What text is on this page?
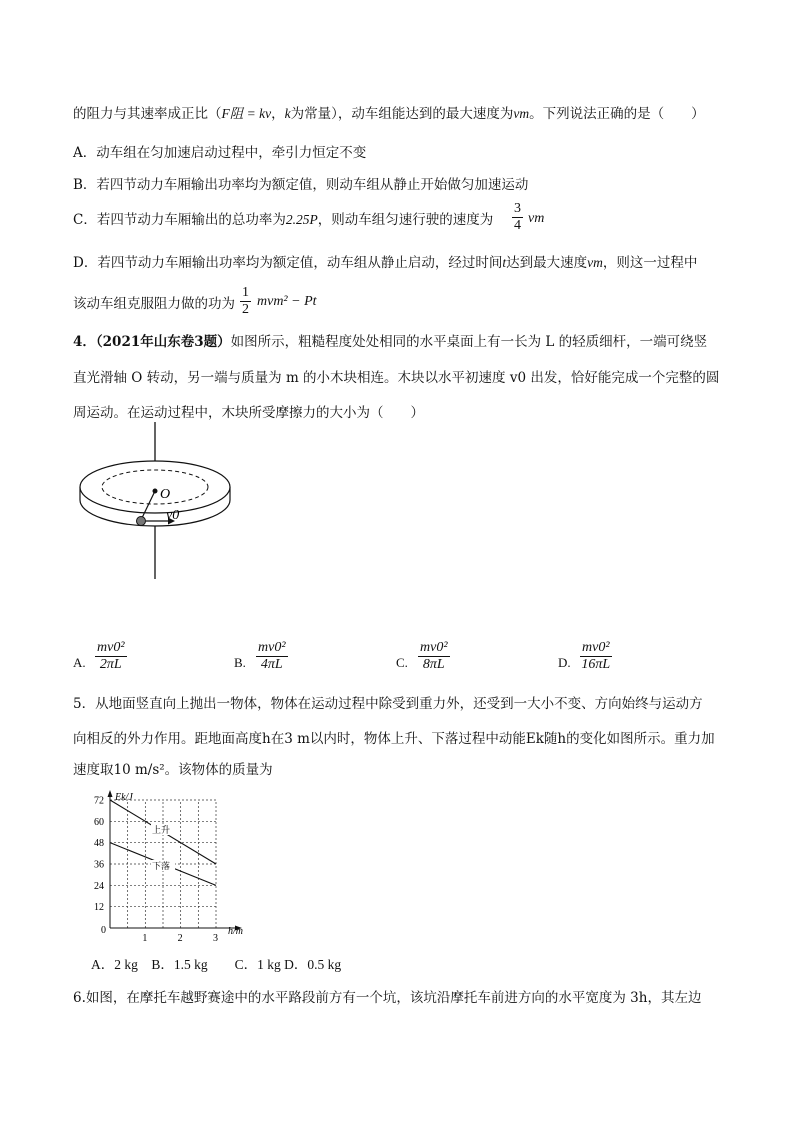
的阻力与其速率成正比（F阻 = kv，k为常量），动车组能达到的最大速度为vm。下列说法正确的是（　　）
A．动车组在匀加速启动过程中，牵引力恒定不变
B．若四节动力车厢输出功率均为额定值，则动车组从静止开始做匀加速运动
C．若四节动力车厢输出的总功率为2.25P，则动车组匀速行驶的速度为 $\frac{3}{4}$ vm
D．若四节动力车厢输出功率均为额定值，动车组从静止启动，经过时间t达到最大速度vm，则这一过程中
该动车组克服阻力做的功为 $\frac{1}{2} mvm^2 - Pt$
4．（2021年山东卷3题）如图所示，粗糙程度处处相同的水平桌面上有一长为 L 的轻质细杆，一端可绕竖
直光滑轴 O 转动，另一端与质量为 m 的小木块相连。木块以水平初速度 v0 出发，恰好能完成一个完整的圆
周运动。在运动过程中，木块所受摩擦力的大小为（　　）
O
v0
A. $\frac{\text{mv0²}}{2\pi L}$	B. $\frac{\text{mv0²}}{4\pi L}$	C. $\frac{\text{mv0²}}{8\pi L}$	D. $\frac{\text{mv0²}}{16\pi L}$
5．从地面竖直向上抛出一物体，物体在运动过程中除受到重力外，还受到一大小不变、方向始终与运动方
向相反的外力作用。距地面高度h在3 m以内时，物体上升、下落过程中动能Ek随h的变化如图所示。重力加
速度取10 m/s²。该物体的质量为
Ek/J
h/m
0
12
24
36
48
60
72
1	2	3
上升
下落
A．2 kg　B．1.5 kg　　C．1 kg D．0.5 kg
6.如图，在摩托车越野赛途中的水平路段前方有一个坑，该坑沿摩托车前进方向的水平宽度为 3h，其左边
